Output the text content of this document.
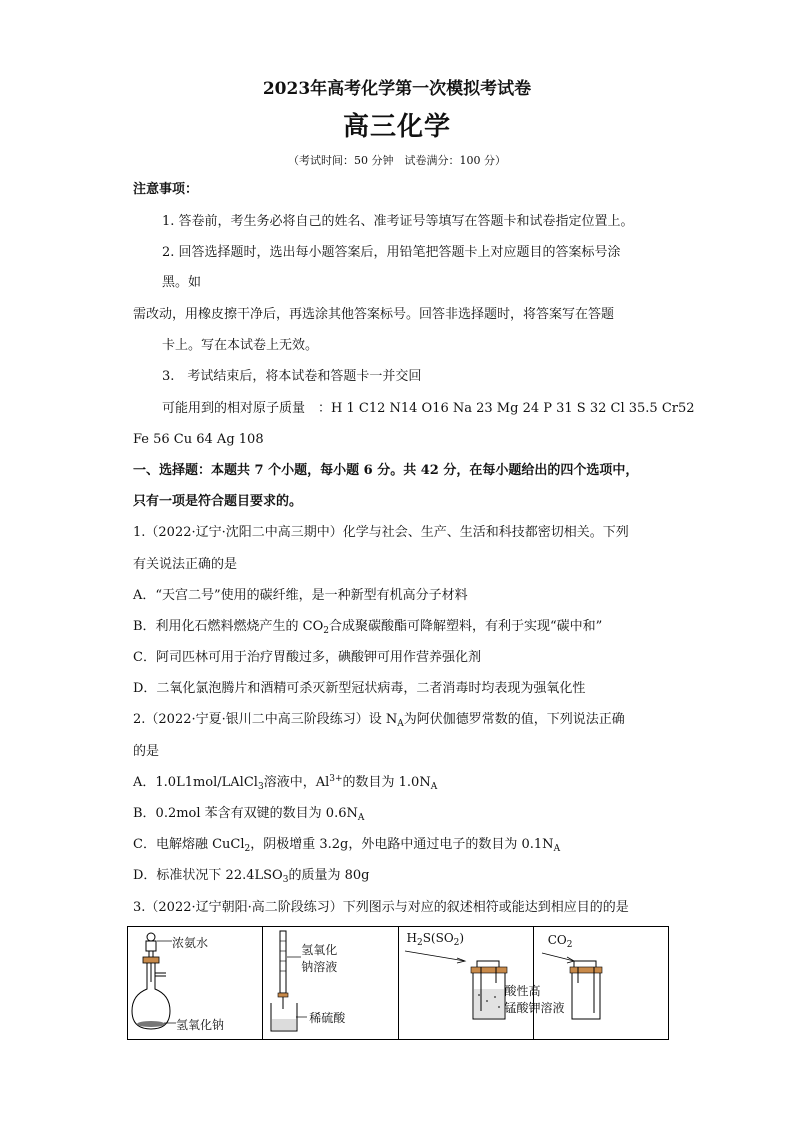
2023年高考化学第一次模拟考试卷
高三化学
（考试时间：50 分钟　试卷满分：100 分）
注意事项：
1. 答卷前，考生务必将自己的姓名、准考证号等填写在答题卡和试卷指定位置上。
2. 回答选择题时，选出每小题答案后，用铅笔把答题卡上对应题目的答案标号涂
黑。如
需改动，用橡皮擦干净后，再选涂其他答案标号。回答非选择题时，将答案写在答题
卡上。写在本试卷上无效。
3.　考试结束后，将本试卷和答题卡一并交回
可能用到的相对原子质量　：H 1 C12 N14 O16 Na 23 Mg 24 P 31 S 32 Cl 35.5 Cr52
Fe 56 Cu 64 Ag 108
一、选择题：本题共 7 个小题，每小题 6 分。共 42 分，在每小题给出的四个选项中，
只有一项是符合题目要求的。
1.（2022·辽宁·沈阳二中高三期中）化学与社会、生产、生活和科技都密切相关。下列
有关说法正确的是
A．“天宫二号”使用的碳纤维，是一种新型有机高分子材料
B．利用化石燃料燃烧产生的 $CO_2$合成聚碳酸酯可降解塑料，有利于实现“碳中和”
C．阿司匹林可用于治疗胃酸过多，碘酸钾可用作营养强化剂
D．二氧化氯泡腾片和酒精可杀灭新型冠状病毒，二者消毒时均表现为强氧化性
2.（2022·宁夏·银川二中高三阶段练习）设 $N_A$为阿伏伽德罗常数的值，下列说法正确
的是
A．1.0L1mol/LAlCl$_3$溶液中，$Al^{3+}$的数目为 $1.0N_A$
B．0.2mol 苯含有双键的数目为 $0.6N_A$
C．电解熔融 CuCl$_2$，阴极增重 3.2g，外电路中通过电子的数目为 $0.1N_A$
D．标准状况下 $22.4LSO_3$的质量为 80g
3.（2022·辽宁朝阳·高二阶段练习）下列图示与对应的叙述相符或能达到相应目的的是
浓氨水
氢氧化钠
氢氧化
钠溶液
稀硫酸
$H_2S(SO_2)$
酸性高
锰酸钾溶液
$CO_2$
